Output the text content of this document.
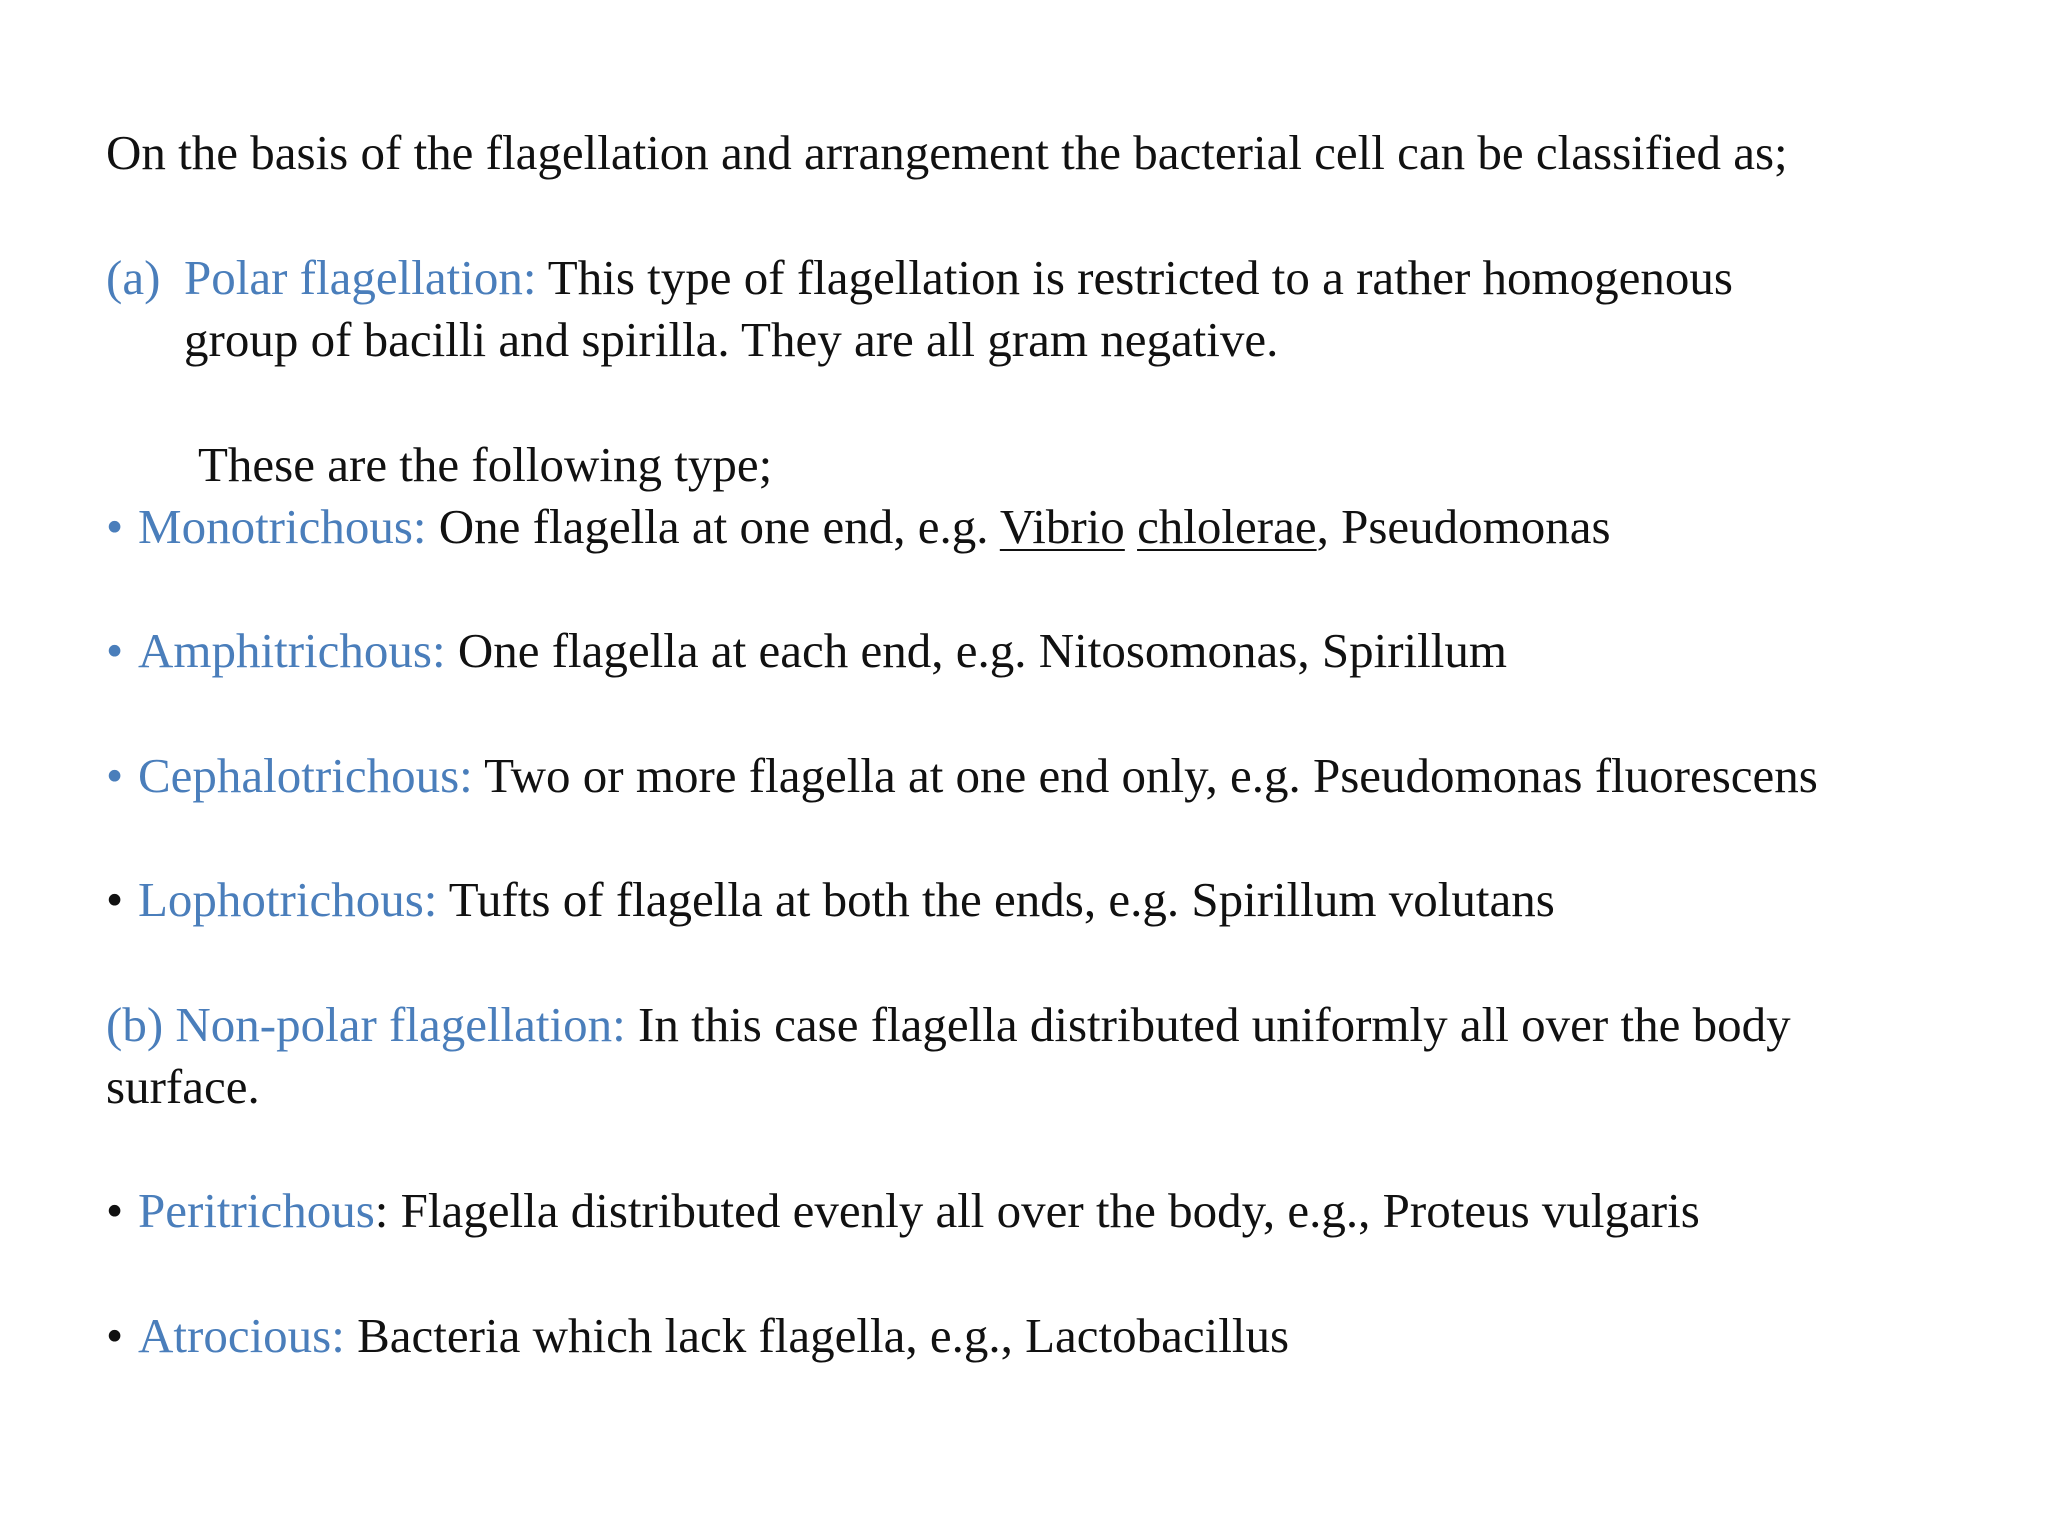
On the basis of the flagellation and arrangement the bacterial cell can be classified as;
(a) Polar flagellation: This type of flagellation is restricted to a rather homogenous
group of bacilli and spirilla. They are all gram negative.
These are the following type;
• Monotrichous: One flagella at one end, e.g. Vibrio chlolerae, Pseudomonas
• Amphitrichous: One flagella at each end, e.g. Nitosomonas, Spirillum
• Cephalotrichous: Two or more flagella at one end only, e.g. Pseudomonas fluorescens
• Lophotrichous: Tufts of flagella at both the ends, e.g. Spirillum volutans
(b) Non-polar flagellation: In this case flagella distributed uniformly all over the body
surface.
• Peritrichous: Flagella distributed evenly all over the body, e.g., Proteus vulgaris
• Atrocious: Bacteria which lack flagella, e.g., Lactobacillus
